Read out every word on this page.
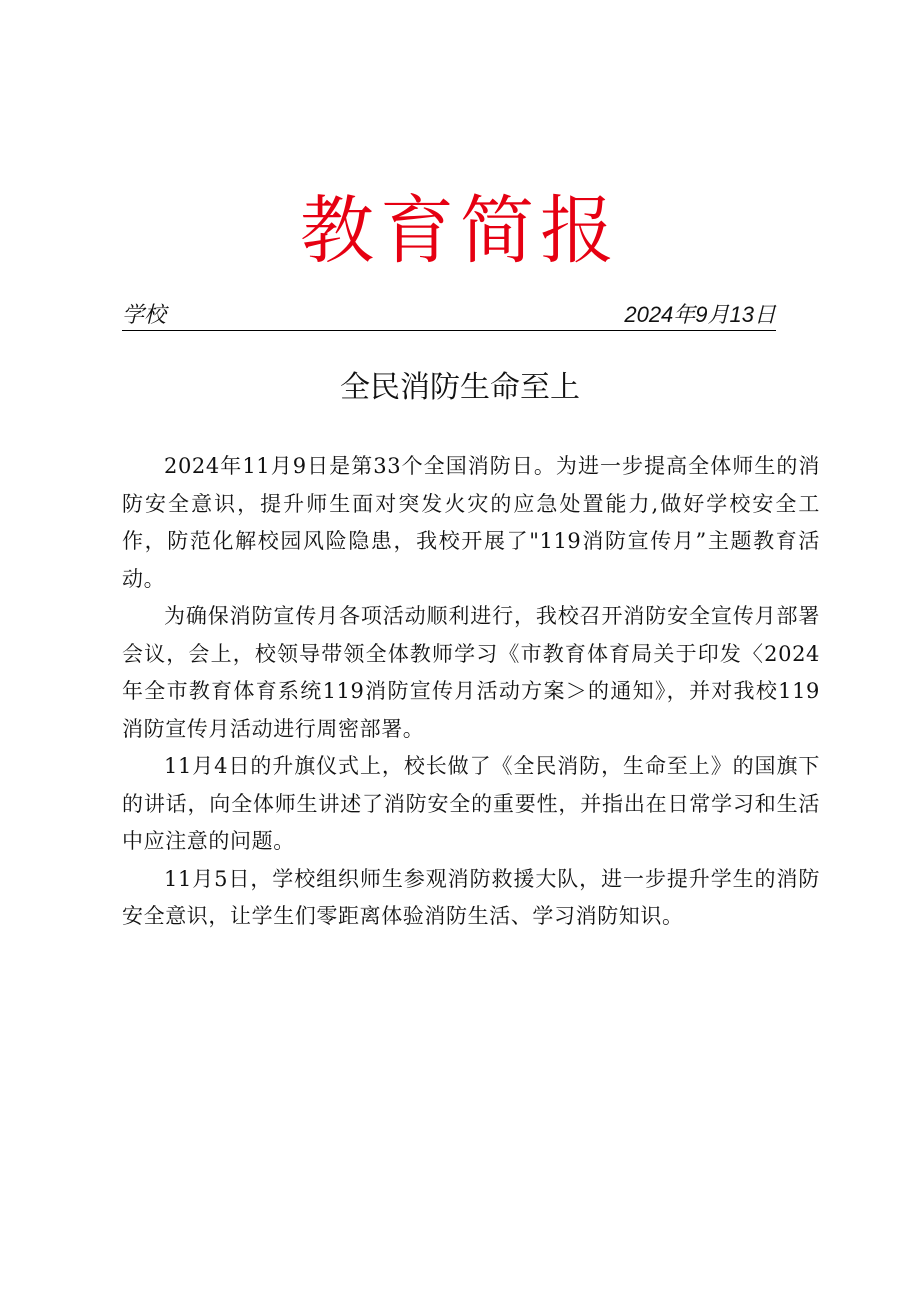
教育简报
学校	2024年9月13日
全民消防生命至上

2024年11月9日是第33个全国消防日。为进一步提高全体师生的消防安全意识，提升师生面对突发火灾的应急处置能力,做好学校安全工作，防范化解校园风险隐患，我校开展了"119消防宣传月”主题教育活动。

为确保消防宣传月各项活动顺利进行，我校召开消防安全宣传月部署会议，会上，校领导带领全体教师学习《市教育体育局关于印发〈2024年全市教育体育系统119消防宣传月活动方案＞的通知》，并对我校119消防宣传月活动进行周密部署。

11月4日的升旗仪式上，校长做了《全民消防，生命至上》的国旗下的讲话，向全体师生讲述了消防安全的重要性，并指出在日常学习和生活中应注意的问题。

11月5日，学校组织师生参观消防救援大队，进一步提升学生的消防安全意识，让学生们零距离体验消防生活、学习消防知识。
